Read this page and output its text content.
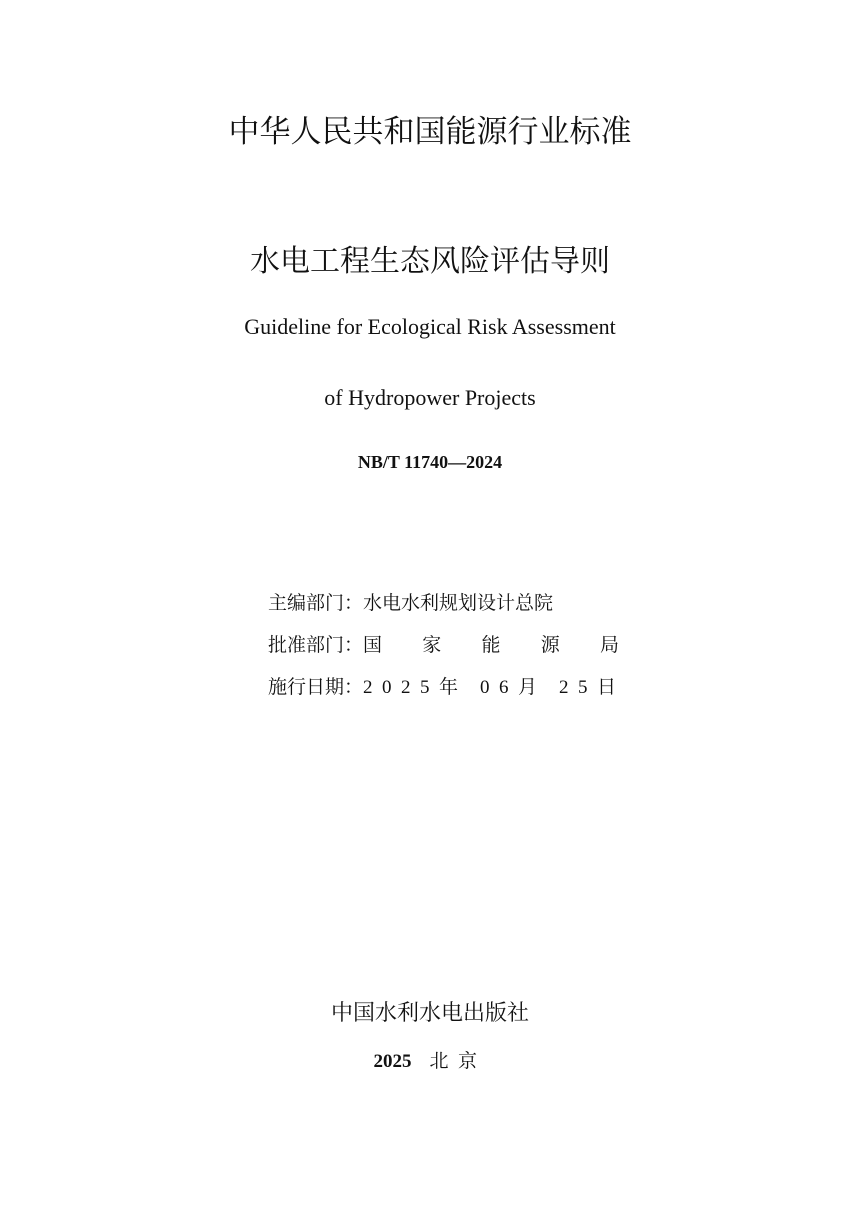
中华人民共和国能源行业标准
水电工程生态风险评估导则
Guideline for Ecological Risk Assessment
of Hydropower Projects
NB/T 11740—2024
主编部门：水电水利规划设计总院
批准部门：国 家 能 源 局
施行日期：2025年 06月 25日
中国水利水电出版社
2025 北京
